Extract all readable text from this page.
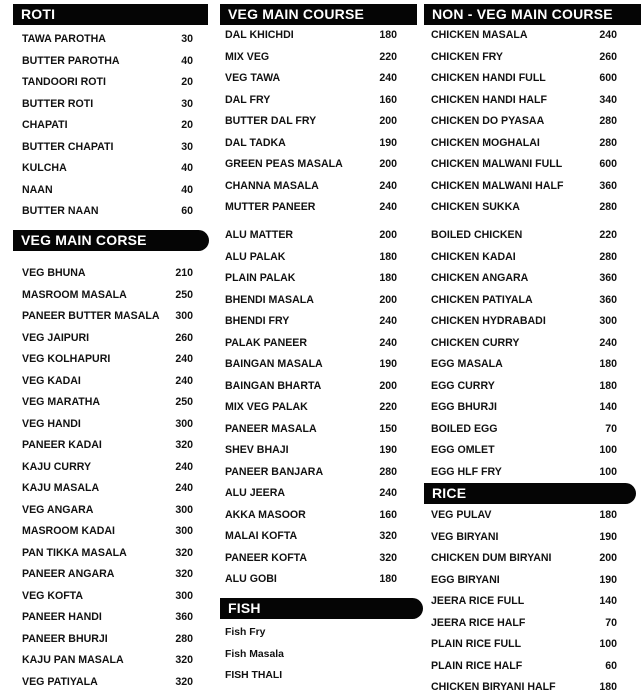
ROTI
VEG MAIN CORSE
VEG MAIN COURSE
FISH
NON - VEG MAIN COURSE
RICE
TAWA PAROTHA	30
BUTTER PAROTHA	40
TANDOORI ROTI	20
BUTTER ROTI	30
CHAPATI	20
BUTTER CHAPATI	30
KULCHA	40
NAAN	40
BUTTER NAAN	60
VEG BHUNA	210
MASROOM MASALA	250
PANEER BUTTER MASALA 300
VEG JAIPURI	260
VEG KOLHAPURI	240
VEG KADAI	240
VEG MARATHA	250
VEG HANDI	300
PANEER KADAI	320
KAJU CURRY	240
KAJU MASALA	240
VEG ANGARA	300
MASROOM KADAI	300
PAN TIKKA MASALA	320
PANEER ANGARA	320
VEG KOFTA	300
PANEER HANDI	360
PANEER BHURJI	280
KAJU PAN MASALA	320
VEG PATIYALA	320
DAL KHICHDI	180
MIX VEG	220
VEG TAWA	240
DAL FRY	160
BUTTER DAL FRY	200
DAL TADKA	190
GREEN PEAS MASALA	200
CHANNA MASALA	240
MUTTER PANEER	240
ALU MATTER	200
ALU PALAK	180
PLAIN PALAK	180
BHENDI MASALA	200
BHENDI FRY	240
PALAK PANEER	240
BAINGAN MASALA	190
BAINGAN BHARTA	200
MIX VEG PALAK	220
PANEER MASALA	150
SHEV BHAJI	190
PANEER BANJARA	280
ALU JEERA	240
AKKA MASOOR	160
MALAI KOFTA	320
PANEER KOFTA	320
ALU GOBI	180
Fish Fry
Fish Masala
FISH THALI
CHICKEN MASALA	240
CHICKEN FRY	260
CHICKEN HANDI FULL	600
CHICKEN HANDI HALF	340
CHICKEN DO PYASAA	280
CHICKEN MOGHALAI	280
CHICKEN MALWANI FULL	600
CHICKEN MALWANI HALF	360
CHICKEN SUKKA	280
BOILED CHICKEN	220
CHICKEN KADAI	280
CHICKEN ANGARA	360
CHICKEN PATIYALA	360
CHICKEN HYDRABADI	300
CHICKEN CURRY	240
EGG MASALA	180
EGG CURRY	180
EGG BHURJI	140
BOILED EGG	70
EGG OMLET	100
EGG HLF FRY	100
VEG PULAV	180
VEG BIRYANI	190
CHICKEN DUM BIRYANI	200
EGG BIRYANI	190
JEERA RICE FULL	140
JEERA RICE HALF	70
PLAIN RICE FULL	100
PLAIN RICE HALF	60
CHICKEN BIRYANI HALF	180
